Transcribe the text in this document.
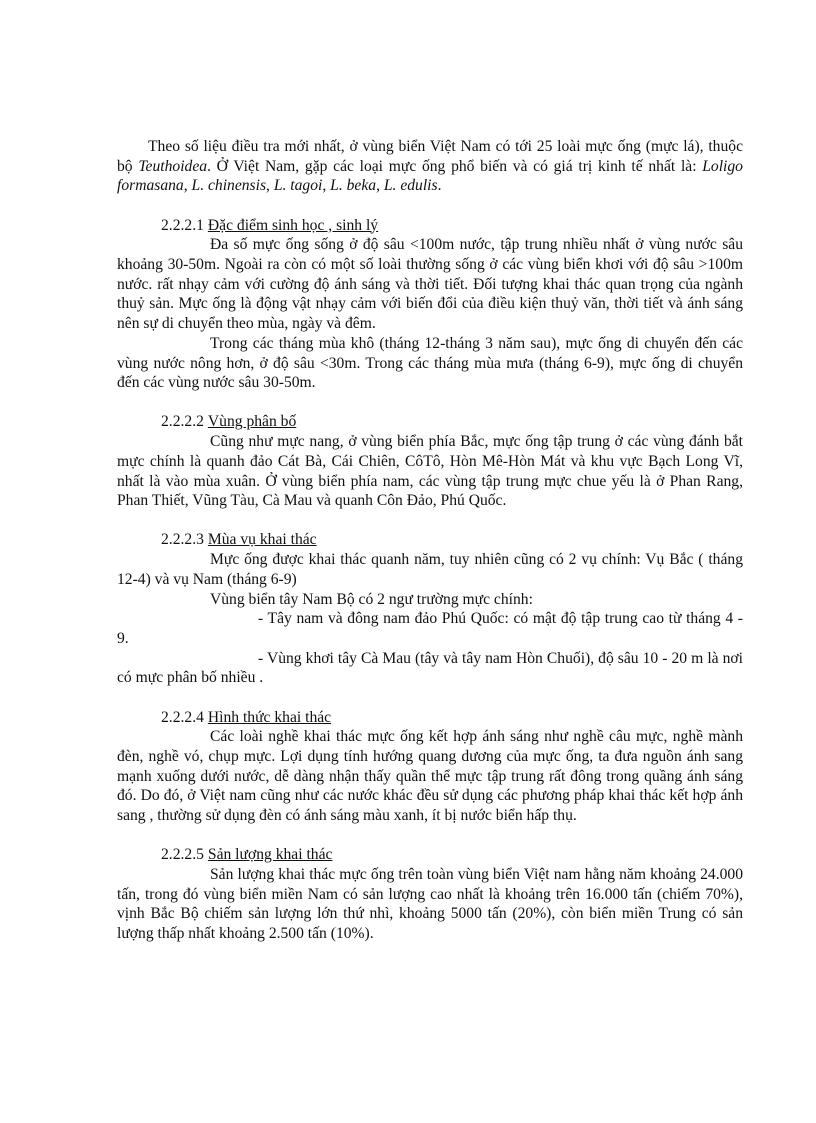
Theo số liệu điều tra mới nhất, ở vùng biển Việt Nam có tới 25 loài mực ống (mực lá), thuộc bộ Teuthoidea. Ở Việt Nam, gặp các loại mực ống phổ biến và có giá trị kinh tế nhất là: Loligo formasana, L. chinensis, L. tagoi, L. beka, L. edulis.

2.2.2.1 Đặc điểm sinh học , sinh lý

Đa số mực ống sống ở độ sâu <100m nước, tập trung nhiều nhất ở vùng nước sâu khoảng 30-50m. Ngoài ra còn có một số loài thường sống ở các vùng biển khơi với độ sâu >100m nước. rất nhạy cảm với cường độ ánh sáng và thời tiết. Đối tượng khai thác quan trọng của ngành thuỷ sản. Mực ống là động vật nhạy cảm với biến đổi của điều kiện thuỷ văn, thời tiết và ánh sáng nên sự di chuyển theo mùa, ngày và đêm.

Trong các tháng mùa khô (tháng 12-tháng 3 năm sau), mực ống di chuyển đến các vùng nước nông hơn, ở độ sâu <30m. Trong các tháng mùa mưa (tháng 6-9), mực ống di chuyển đến các vùng nước sâu 30-50m.

2.2.2.2 Vùng phân bố

Cũng như mực nang, ở vùng biển phía Bắc, mực ống tập trung ở các vùng đánh bắt mực chính là quanh đảo Cát Bà, Cái Chiên, CôTô, Hòn Mê-Hòn Mát và khu vực Bạch Long Vĩ, nhất là vào mùa xuân. Ở vùng biển phía nam, các vùng tập trung mực chue yếu là ở Phan Rang, Phan Thiết, Vũng Tàu, Cà Mau và quanh Côn Đảo, Phú Quốc.

2.2.2.3 Mùa vụ khai thác

Mực ống được khai thác quanh năm, tuy nhiên cũng có 2 vụ chính: Vụ Bắc ( tháng 12-4) và vụ Nam (tháng 6-9)

Vùng biển tây Nam Bộ có 2 ngư trường mực chính:

- Tây nam và đông nam đảo Phú Quốc: có mật độ tập trung cao từ tháng 4 - 9.

- Vùng khơi tây Cà Mau (tây và tây nam Hòn Chuối), độ sâu 10 - 20 m là nơi có mực phân bố nhiều .

2.2.2.4 Hình thức khai thác

Các loài nghề khai thác mực ống kết hợp ánh sáng như nghề câu mực, nghề mành đèn, nghề vó, chụp mực. Lợi dụng tính hướng quang dương của mực ống, ta đưa nguồn ánh sang mạnh xuống dưới nước, dễ dàng nhận thấy quần thể mực tập trung rất đông trong quầng ánh sáng đó. Do đó, ở Việt nam cũng như các nước khác đều sử dụng các phương pháp khai thác kết hợp ánh sang , thường sử dụng đèn có ánh sáng màu xanh, ít bị nước biển hấp thụ.

2.2.2.5 Sản lượng khai thác

Sản lượng khai thác mực ống trên toàn vùng biển Việt nam hằng năm khoảng 24.000 tấn, trong đó vùng biển miền Nam có sản lượng cao nhất là khoảng trên 16.000 tấn (chiếm 70%), vịnh Bắc Bộ chiếm sản lượng lớn thứ nhì, khoảng 5000 tấn (20%), còn biển miền Trung có sản lượng thấp nhất khoảng 2.500 tấn (10%).
